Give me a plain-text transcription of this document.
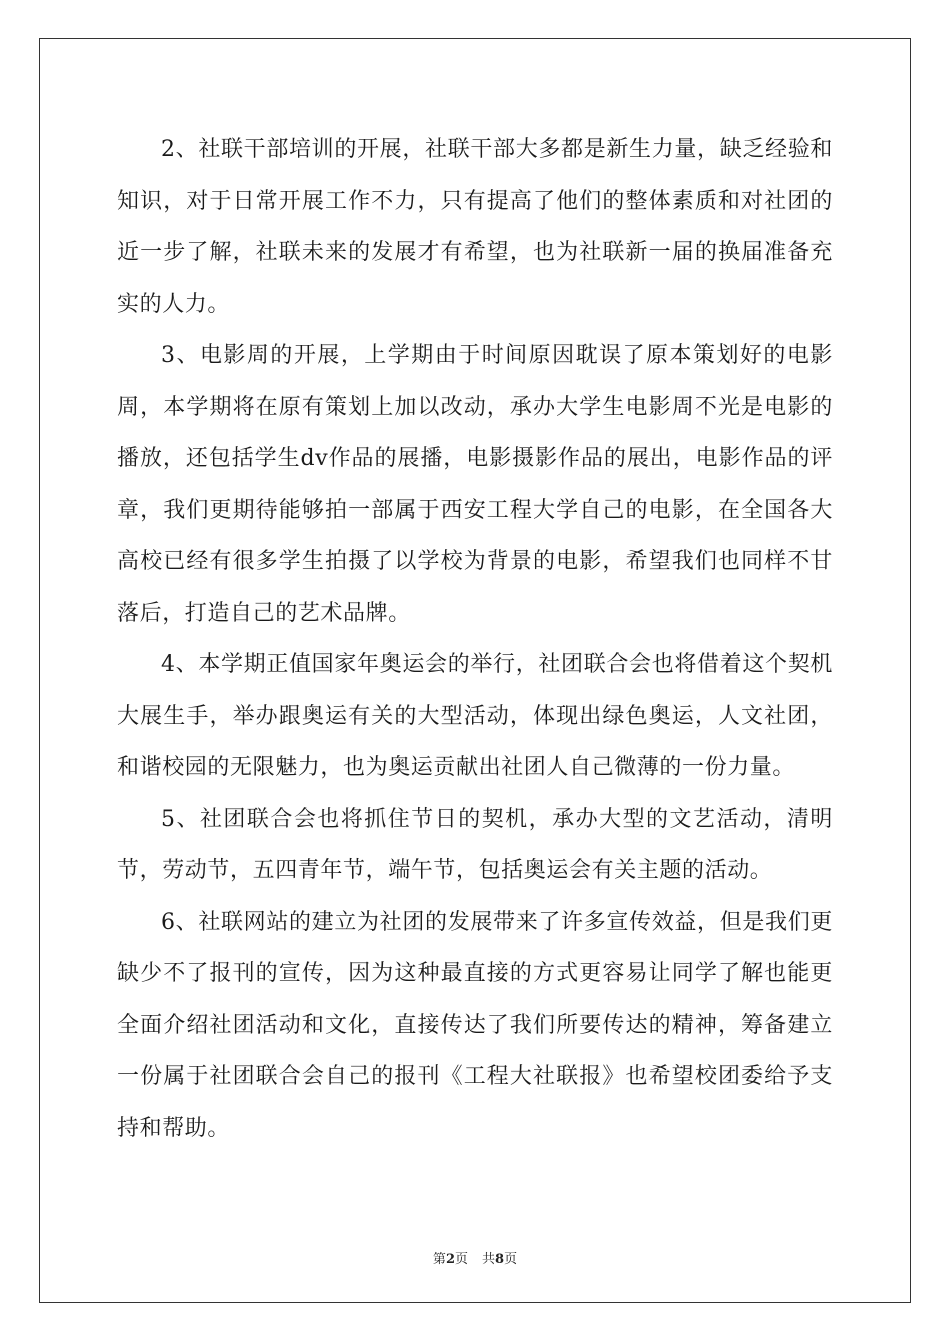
2、社联干部培训的开展，社联干部大多都是新生力量，缺乏经验和知识，对于日常开展工作不力，只有提高了他们的整体素质和对社团的近一步了解，社联未来的发展才有希望，也为社联新一届的换届准备充实的人力。

3、电影周的开展，上学期由于时间原因耽误了原本策划好的电影周，本学期将在原有策划上加以改动，承办大学生电影周不光是电影的播放，还包括学生dv作品的展播，电影摄影作品的展出，电影作品的评章，我们更期待能够拍一部属于西安工程大学自己的电影，在全国各大高校已经有很多学生拍摄了以学校为背景的电影，希望我们也同样不甘落后，打造自己的艺术品牌。

4、本学期正值国家年奥运会的举行，社团联合会也将借着这个契机大展生手，举办跟奥运有关的大型活动，体现出绿色奥运，人文社团，和谐校园的无限魅力，也为奥运贡献出社团人自己微薄的一份力量。

5、社团联合会也将抓住节日的契机，承办大型的文艺活动，清明节，劳动节，五四青年节，端午节，包括奥运会有关主题的活动。

6、社联网站的建立为社团的发展带来了许多宣传效益，但是我们更缺少不了报刊的宣传，因为这种最直接的方式更容易让同学了解也能更全面介绍社团活动和文化，直接传达了我们所要传达的精神，筹备建立一份属于社团联合会自己的报刊《工程大社联报》也希望校团委给予支持和帮助。

第2页 共8页
